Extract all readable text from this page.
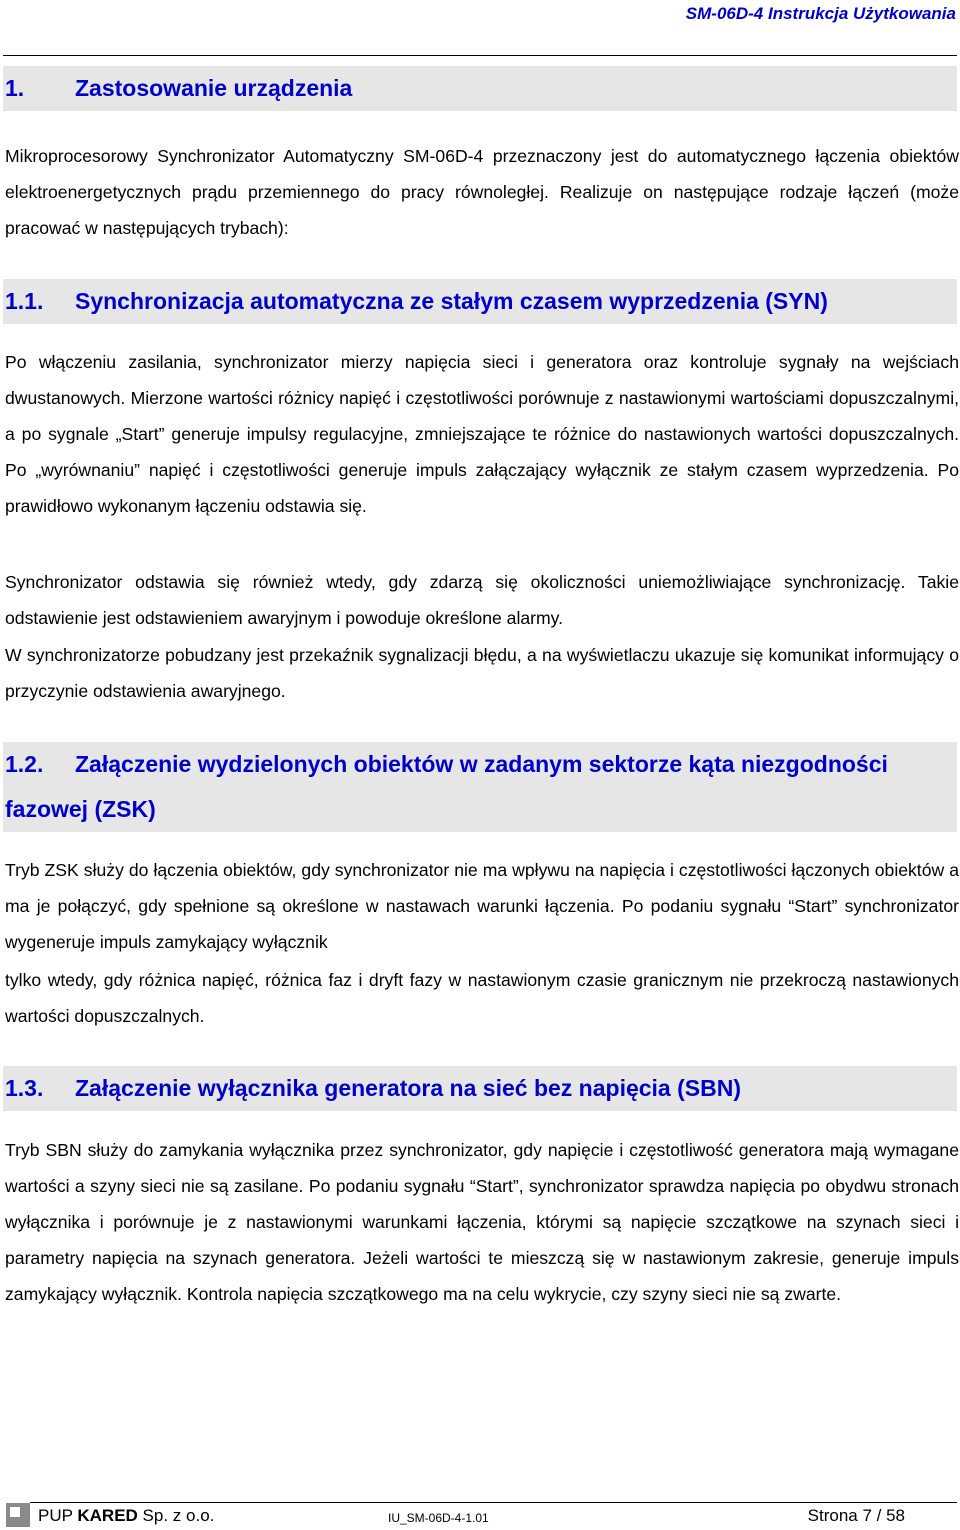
SM-06D-4 Instrukcja Użytkowania
1. Zastosowanie urządzenia

Mikroprocesorowy Synchronizator Automatyczny SM-06D-4 przeznaczony jest do automatycznego łączenia obiektów elektroenergetycznych prądu przemiennego do pracy równoległej. Realizuje on następujące rodzaje łączeń (może pracować w następujących trybach):

1.1. Synchronizacja automatyczna ze stałym czasem wyprzedzenia (SYN)

Po włączeniu zasilania, synchronizator mierzy napięcia sieci i generatora oraz kontroluje sygnały na wejściach dwustanowych. Mierzone wartości różnicy napięć i częstotliwości porównuje z nastawionymi wartościami dopuszczalnymi, a po sygnale „Start” generuje impulsy regulacyjne, zmniejszające te różnice do nastawionych wartości dopuszczalnych. Po „wyrównaniu” napięć i częstotliwości generuje impuls załączający wyłącznik ze stałym czasem wyprzedzenia. Po prawidłowo wykonanym łączeniu odstawia się.

Synchronizator odstawia się również wtedy, gdy zdarzą się okoliczności uniemożliwiające synchronizację. Takie odstawienie jest odstawieniem awaryjnym i powoduje określone alarmy.

W synchronizatorze pobudzany jest przekaźnik sygnalizacji błędu, a na wyświetlaczu ukazuje się komunikat informujący o przyczynie odstawienia awaryjnego.

1.2. Załączenie wydzielonych obiektów w zadanym sektorze kąta niezgodności fazowej (ZSK)

Tryb ZSK służy do łączenia obiektów, gdy synchronizator nie ma wpływu na napięcia i częstotliwości łączonych obiektów a ma je połączyć, gdy spełnione są określone w nastawach warunki łączenia. Po podaniu sygnału “Start” synchronizator wygeneruje impuls zamykający wyłącznik

tylko wtedy, gdy różnica napięć, różnica faz i dryft fazy w nastawionym czasie granicznym nie przekroczą nastawionych wartości dopuszczalnych.

1.3. Załączenie wyłącznika generatora na sieć bez napięcia (SBN)

Tryb SBN służy do zamykania wyłącznika przez synchronizator, gdy napięcie i częstotliwość generatora mają wymagane wartości a szyny sieci nie są zasilane. Po podaniu sygnału “Start”, synchronizator sprawdza napięcia po obydwu stronach wyłącznika i porównuje je z nastawionymi warunkami łączenia, którymi są napięcie szczątkowe na szynach sieci i parametry napięcia na szynach generatora. Jeżeli wartości te mieszczą się w nastawionym zakresie, generuje impuls zamykający wyłącznik. Kontrola napięcia szczątkowego ma na celu wykrycie, czy szyny sieci nie są zwarte.

PUP KARED Sp. z o.o.	IU_SM-06D-4-1.01	Strona 7 / 58
